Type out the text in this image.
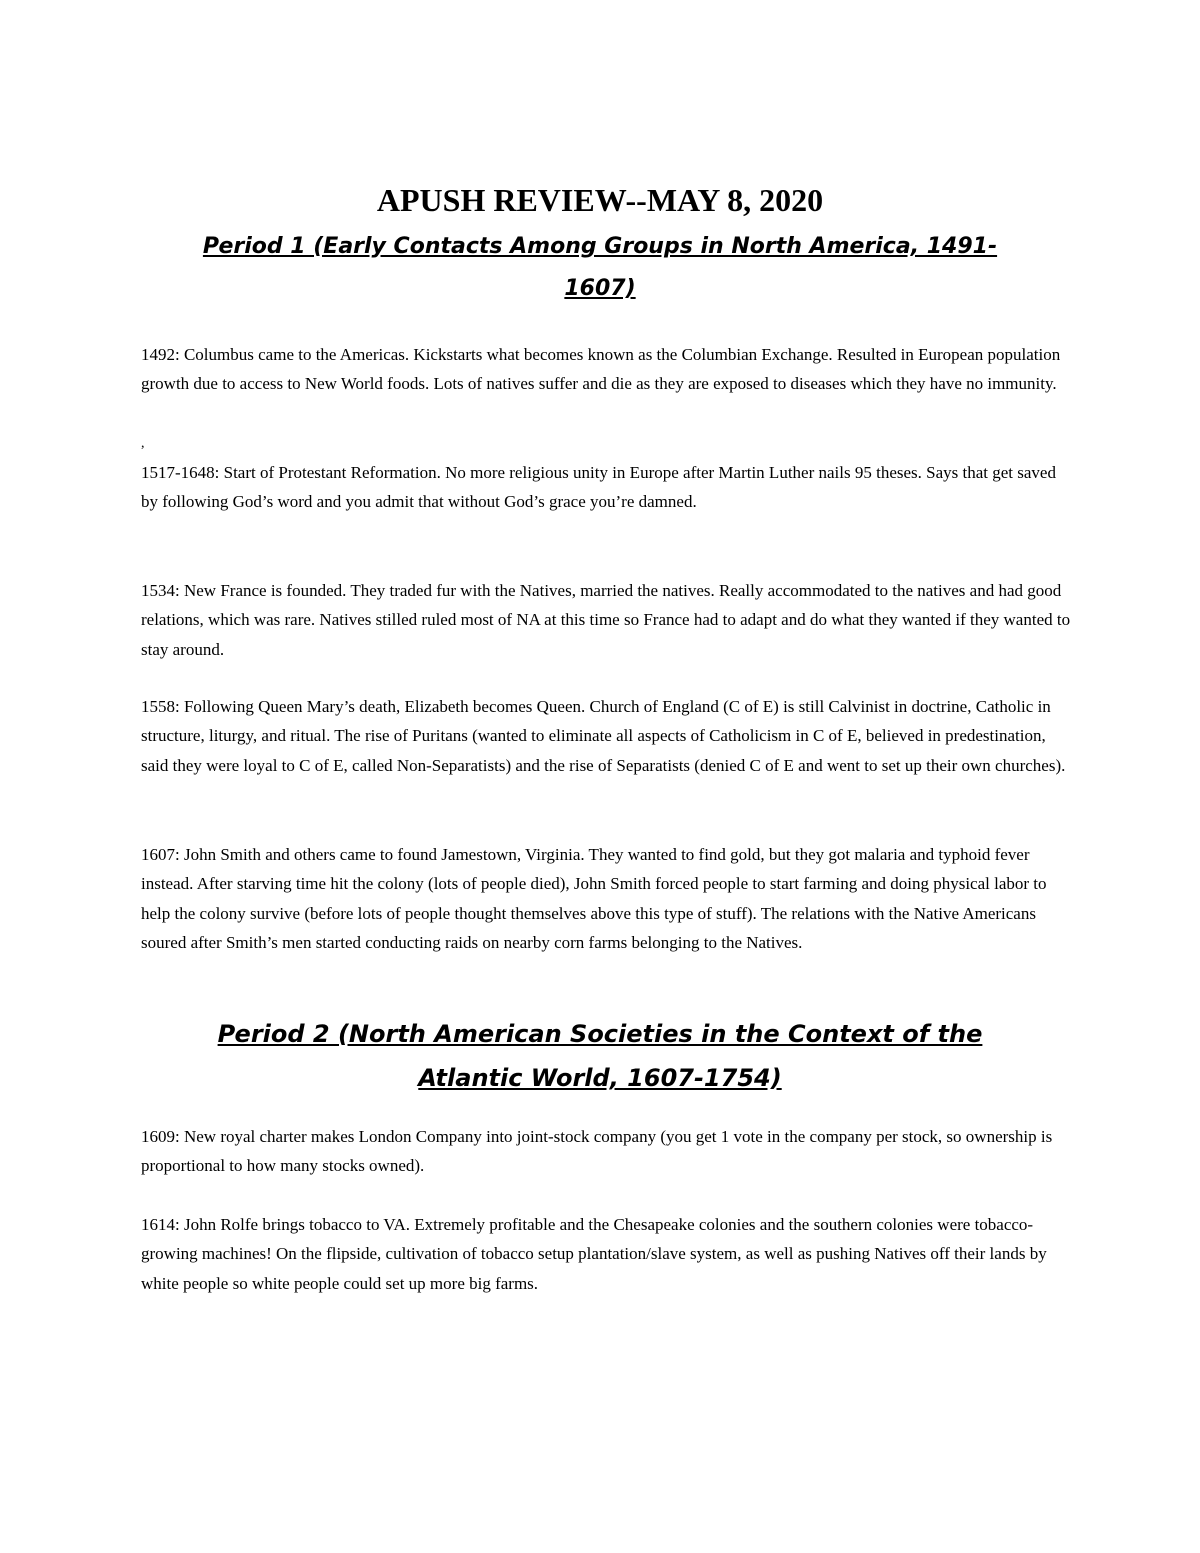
APUSH REVIEW--MAY 8, 2020
Period 1 (Early Contacts Among Groups in North America, 1491-1607)

1492: Columbus came to the Americas. Kickstarts what becomes known as the Columbian Exchange. Resulted in European population growth due to access to New World foods. Lots of natives suffer and die as they are exposed to diseases which they have no immunity.

,

1517-1648: Start of Protestant Reformation. No more religious unity in Europe after Martin Luther nails 95 theses. Says that get saved by following God’s word and you admit that without God’s grace you’re damned.

1534: New France is founded. They traded fur with the Natives, married the natives. Really accommodated to the natives and had good relations, which was rare. Natives stilled ruled most of NA at this time so France had to adapt and do what they wanted if they wanted to stay around.

1558: Following Queen Mary’s death, Elizabeth becomes Queen. Church of England (C of E) is still Calvinist in doctrine, Catholic in structure, liturgy, and ritual. The rise of Puritans (wanted to eliminate all aspects of Catholicism in C of E, believed in predestination, said they were loyal to C of E, called Non-Separatists) and the rise of Separatists (denied C of E and went to set up their own churches).

1607: John Smith and others came to found Jamestown, Virginia. They wanted to find gold, but they got malaria and typhoid fever instead. After starving time hit the colony (lots of people died), John Smith forced people to start farming and doing physical labor to help the colony survive (before lots of people thought themselves above this type of stuff). The relations with the Native Americans soured after Smith’s men started conducting raids on nearby corn farms belonging to the Natives.

Period 2 (North American Societies in the Context of the Atlantic World, 1607-1754)

1609: New royal charter makes London Company into joint-stock company (you get 1 vote in the company per stock, so ownership is proportional to how many stocks owned).

1614: John Rolfe brings tobacco to VA. Extremely profitable and the Chesapeake colonies and the southern colonies were tobacco-growing machines! On the flipside, cultivation of tobacco setup plantation/slave system, as well as pushing Natives off their lands by white people so white people could set up more big farms.
